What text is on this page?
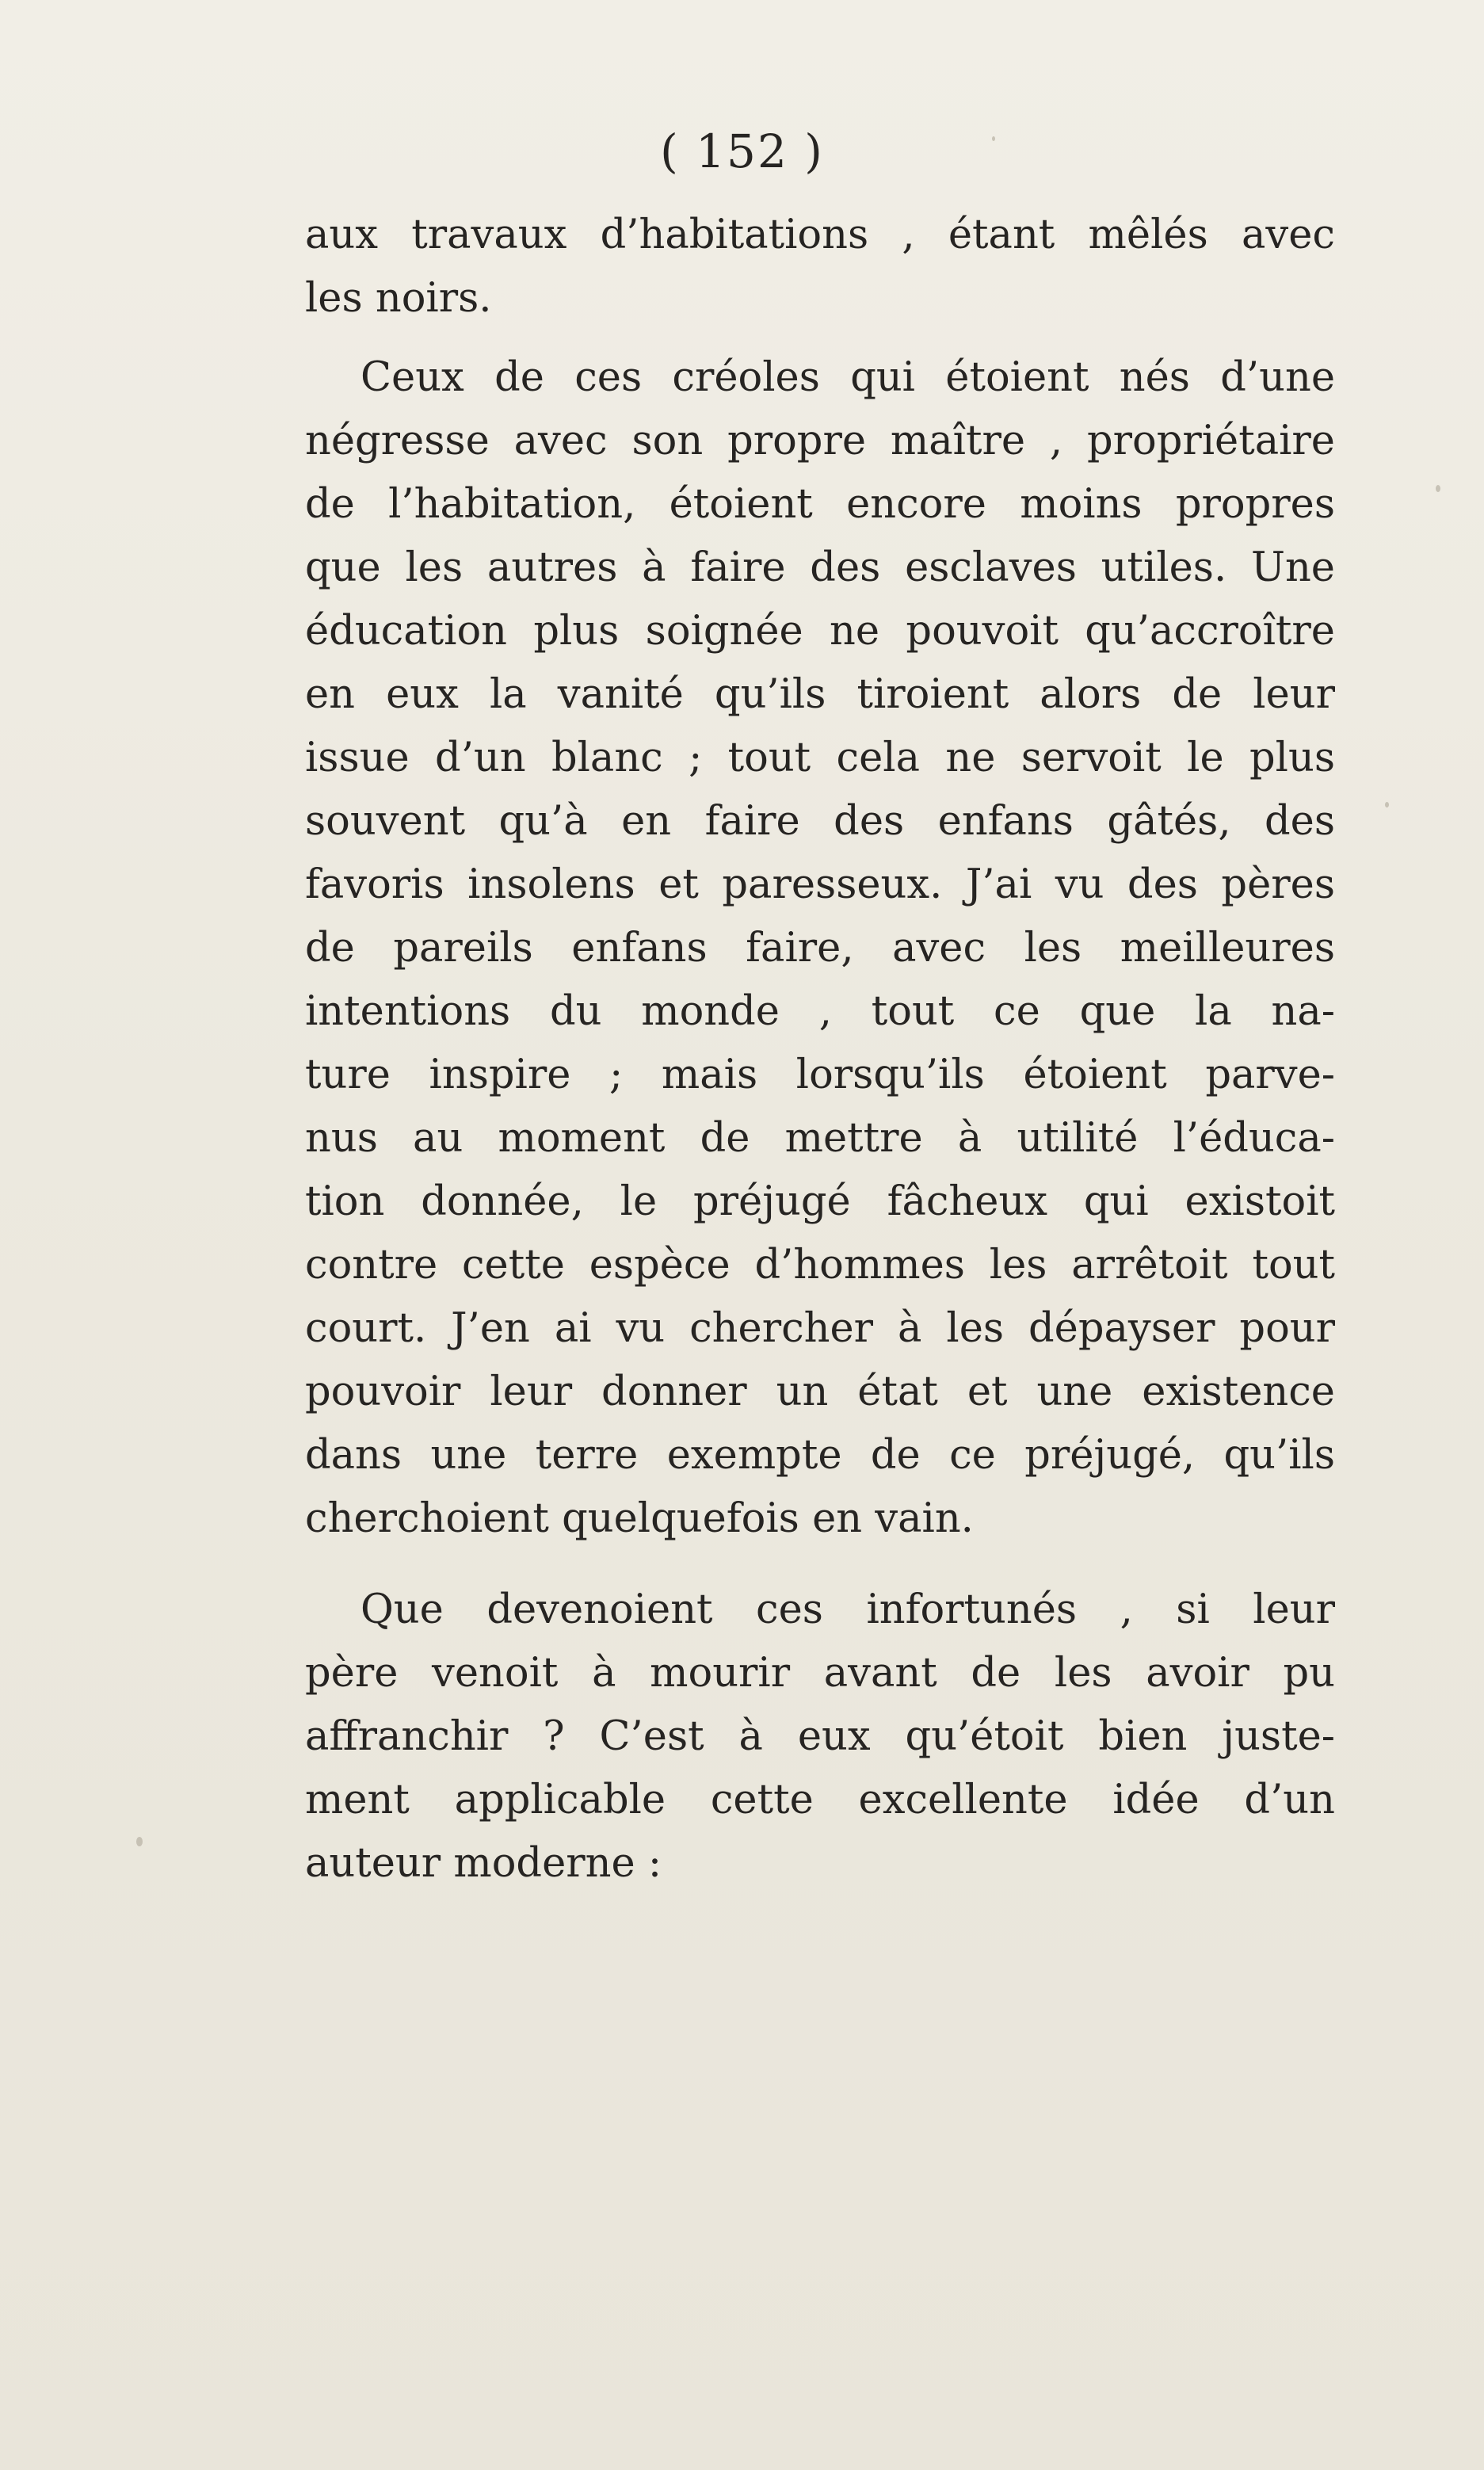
( 152 )
aux travaux d’habitations , étant mêlés avec
les noirs.
Ceux de ces créoles qui étoient nés d’une
négresse avec son propre maître , propriétaire
de l’habitation, étoient encore moins propres
que les autres à faire des esclaves utiles. Une
éducation plus soignée ne pouvoit qu’accroître
en eux la vanité qu’ils tiroient alors de leur
issue d’un blanc ; tout cela ne servoit le plus
souvent qu’à en faire des enfans gâtés, des
favoris insolens et paresseux. J’ai vu des pères
de pareils enfans faire, avec les meilleures
intentions du monde , tout ce que la na-
ture inspire ; mais lorsqu’ils étoient parve-
nus au moment de mettre à utilité l’éduca-
tion donnée, le préjugé fâcheux qui existoit
contre cette espèce d’hommes les arrêtoit tout
court. J’en ai vu chercher à les dépayser pour
pouvoir leur donner un état et une existence
dans une terre exempte de ce préjugé, qu’ils
cherchoient quelquefois en vain.
Que devenoient ces infortunés , si leur
père venoit à mourir avant de les avoir pu
affranchir ? C’est à eux qu’étoit bien juste-
ment applicable cette excellente idée d’un
auteur moderne :
